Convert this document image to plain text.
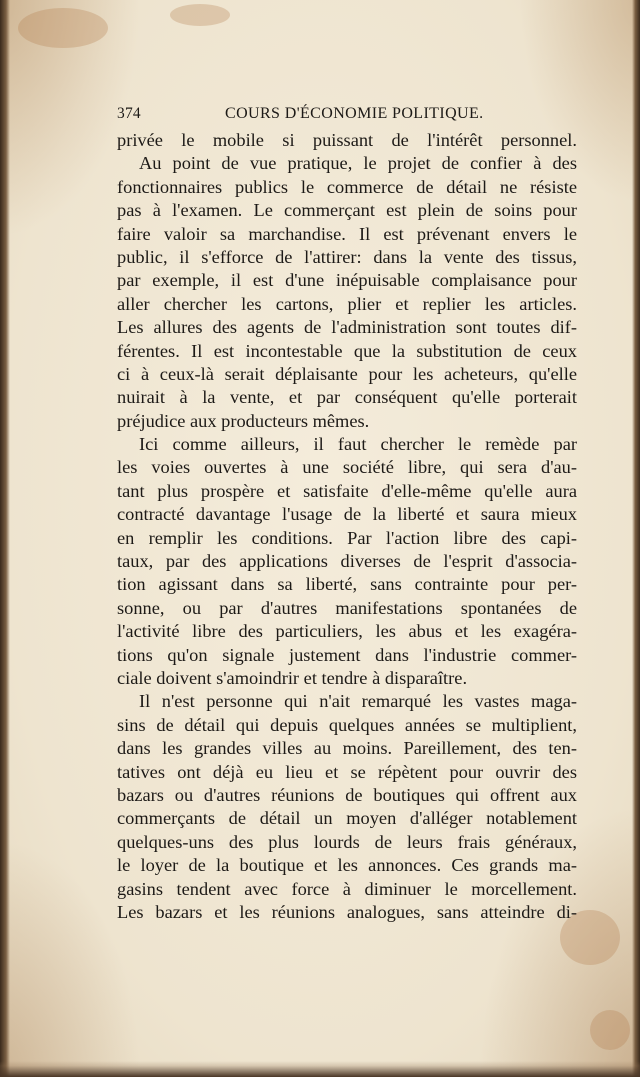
374	COURS D'ÉCONOMIE POLITIQUE.
privée le mobile si puissant de l'intérêt personnel.
Au point de vue pratique, le projet de confier à des
fonctionnaires publics le commerce de détail ne résiste
pas à l'examen. Le commerçant est plein de soins pour
faire valoir sa marchandise. Il est prévenant envers le
public, il s'efforce de l'attirer: dans la vente des tissus,
par exemple, il est d'une inépuisable complaisance pour
aller chercher les cartons, plier et replier les articles.
Les allures des agents de l'administration sont toutes dif-
férentes. Il est incontestable que la substitution de ceux
ci à ceux-là serait déplaisante pour les acheteurs, qu'elle
nuirait à la vente, et par conséquent qu'elle porterait
préjudice aux producteurs mêmes.
Ici comme ailleurs, il faut chercher le remède par
les voies ouvertes à une société libre, qui sera d'au-
tant plus prospère et satisfaite d'elle-même qu'elle aura
contracté davantage l'usage de la liberté et saura mieux
en remplir les conditions. Par l'action libre des capi-
taux, par des applications diverses de l'esprit d'associa-
tion agissant dans sa liberté, sans contrainte pour per-
sonne, ou par d'autres manifestations spontanées de
l'activité libre des particuliers, les abus et les exagéra-
tions qu'on signale justement dans l'industrie commer-
ciale doivent s'amoindrir et tendre à disparaître.
Il n'est personne qui n'ait remarqué les vastes maga-
sins de détail qui depuis quelques années se multiplient,
dans les grandes villes au moins. Pareillement, des ten-
tatives ont déjà eu lieu et se répètent pour ouvrir des
bazars ou d'autres réunions de boutiques qui offrent aux
commerçants de détail un moyen d'alléger notablement
quelques-uns des plus lourds de leurs frais généraux,
le loyer de la boutique et les annonces. Ces grands ma-
gasins tendent avec force à diminuer le morcellement.
Les bazars et les réunions analogues, sans atteindre di-
